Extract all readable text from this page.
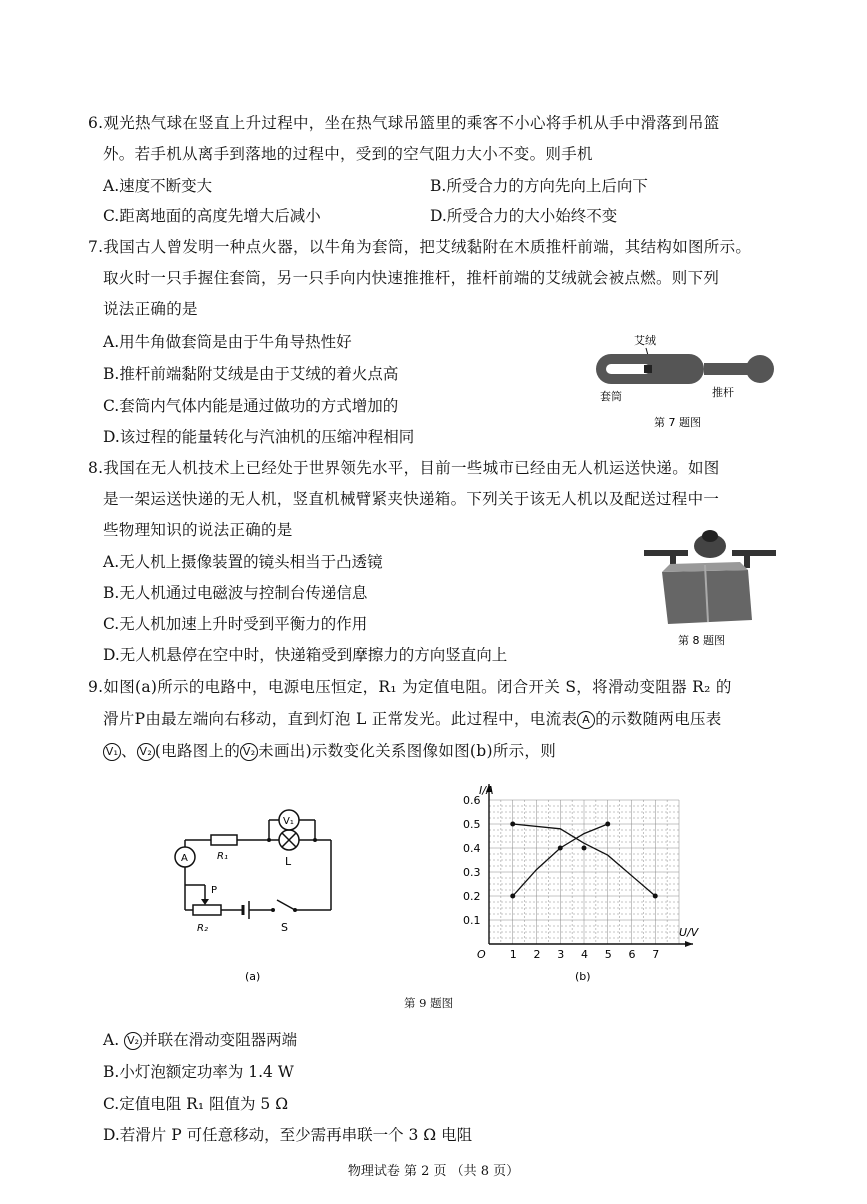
6.观光热气球在竖直上升过程中，坐在热气球吊篮里的乘客不小心将手机从手中滑落到吊篮
外。若手机从离手到落地的过程中，受到的空气阻力大小不变。则手机
A.速度不断变大	B.所受合力的方向先向上后向下
C.距离地面的高度先增大后减小	D.所受合力的大小始终不变
7.我国古人曾发明一种点火器，以牛角为套筒，把艾绒黏附在木质推杆前端，其结构如图所示。
取火时一只手握住套筒，另一只手向内快速推推杆，推杆前端的艾绒就会被点燃。则下列
说法正确的是
A.用牛角做套筒是由于牛角导热性好
B.推杆前端黏附艾绒是由于艾绒的着火点高
C.套筒内气体内能是通过做功的方式增加的
D.该过程的能量转化与汽油机的压缩冲程相同
艾绒
套筒	推杆
第 7 题图
8.我国在无人机技术上已经处于世界领先水平，目前一些城市已经由无人机运送快递。如图
是一架运送快递的无人机，竖直机械臂紧夹快递箱。下列关于该无人机以及配送过程中一
些物理知识的说法正确的是
A.无人机上摄像装置的镜头相当于凸透镜
B.无人机通过电磁波与控制台传递信息
C.无人机加速上升时受到平衡力的作用
D.无人机悬停在空中时，快递箱受到摩擦力的方向竖直向上
第 8 题图
9.如图(a)所示的电路中，电源电压恒定，R₁ 为定值电阻。闭合开关 S，将滑动变阻器 R₂ 的
滑片P由最左端向右移动，直到灯泡 L 正常发光。此过程中，电流表 A 的示数随两电压表
V₁ 、 V₂ (电路图上的 V₂ 未画出)示数变化关系图像如图(b)所示，则
V₁
A	R₁	L
P
R₂	S
(a)
1 2 3 4 5 6 7
0.1
0.2
0.3
0.4
0.5
0.6
I/A
U/V
O
(b)
第 9 题图
A. V₂ 并联在滑动变阻器两端
B.小灯泡额定功率为 1.4 W
C.定值电阻 R₁ 阻值为 5 Ω
D.若滑片 P 可任意移动，至少需再串联一个 3 Ω 电阻
物理试卷 第 2 页 （共 8 页）
